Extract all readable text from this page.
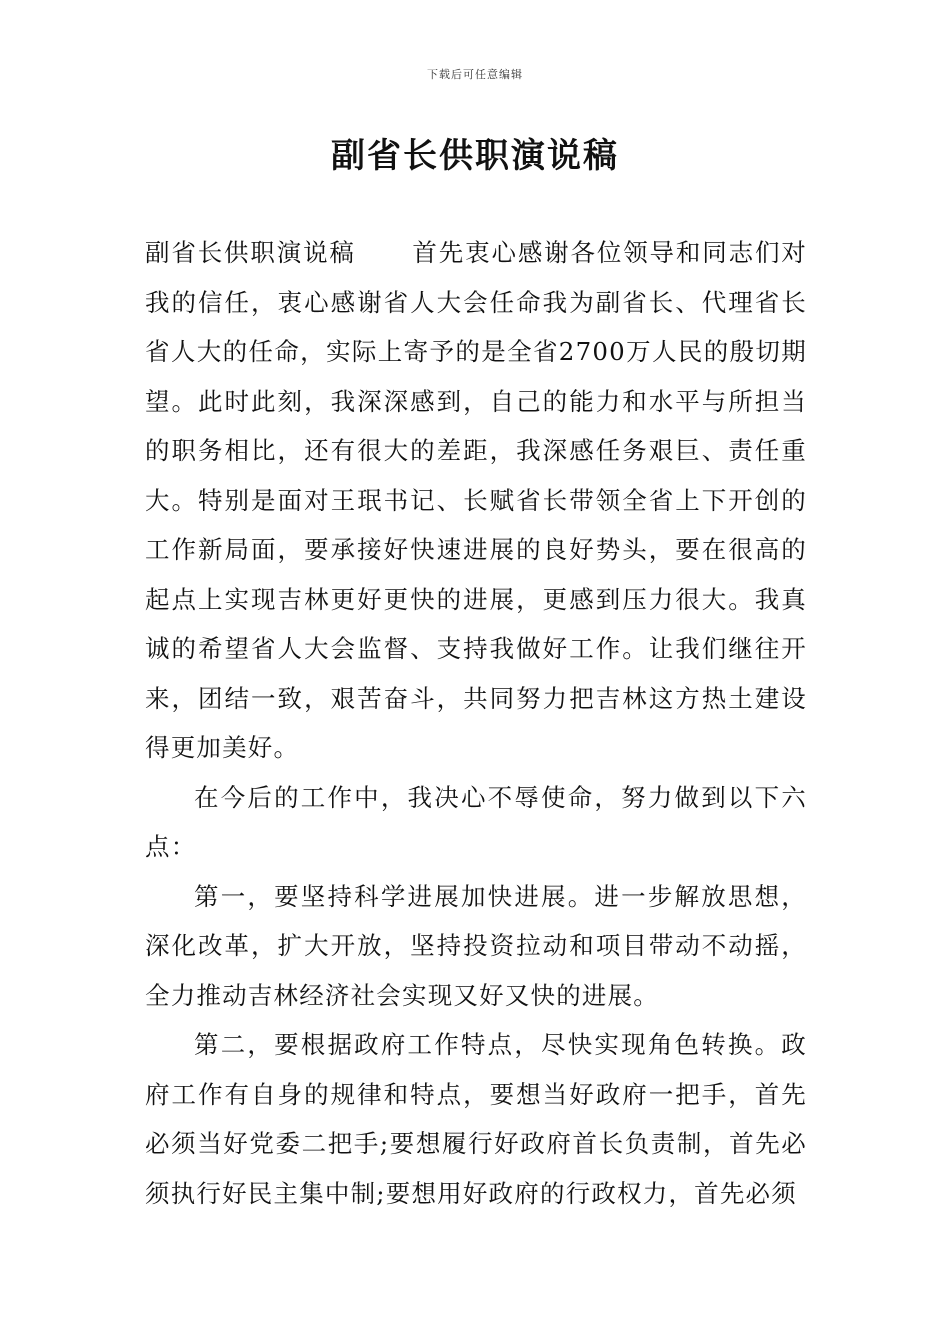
下载后可任意编辑
副省长供职演说稿

副省长供职演说稿 首先衷心感谢各位领导和同志们对我的信任，衷心感谢省人大会任命我为副省长、代理省长省人大的任命，实际上寄予的是全省2700万人民的殷切期望。此时此刻，我深深感到，自己的能力和水平与所担当的职务相比，还有很大的差距，我深感任务艰巨、责任重大。特别是面对王珉书记、长赋省长带领全省上下开创的工作新局面，要承接好快速进展的良好势头，要在很高的起点上实现吉林更好更快的进展，更感到压力很大。我真诚的希望省人大会监督、支持我做好工作。让我们继往开来，团结一致，艰苦奋斗，共同努力把吉林这方热土建设得更加美好。

在今后的工作中，我决心不辱使命，努力做到以下六点：

第一，要坚持科学进展加快进展。进一步解放思想，深化改革，扩大开放，坚持投资拉动和项目带动不动摇，全力推动吉林经济社会实现又好又快的进展。

第二，要根据政府工作特点，尽快实现角色转换。政府工作有自身的规律和特点，要想当好政府一把手，首先必须当好党委二把手;要想履行好政府首长负责制，首先必须执行好民主集中制;要想用好政府的行政权力，首先必须
